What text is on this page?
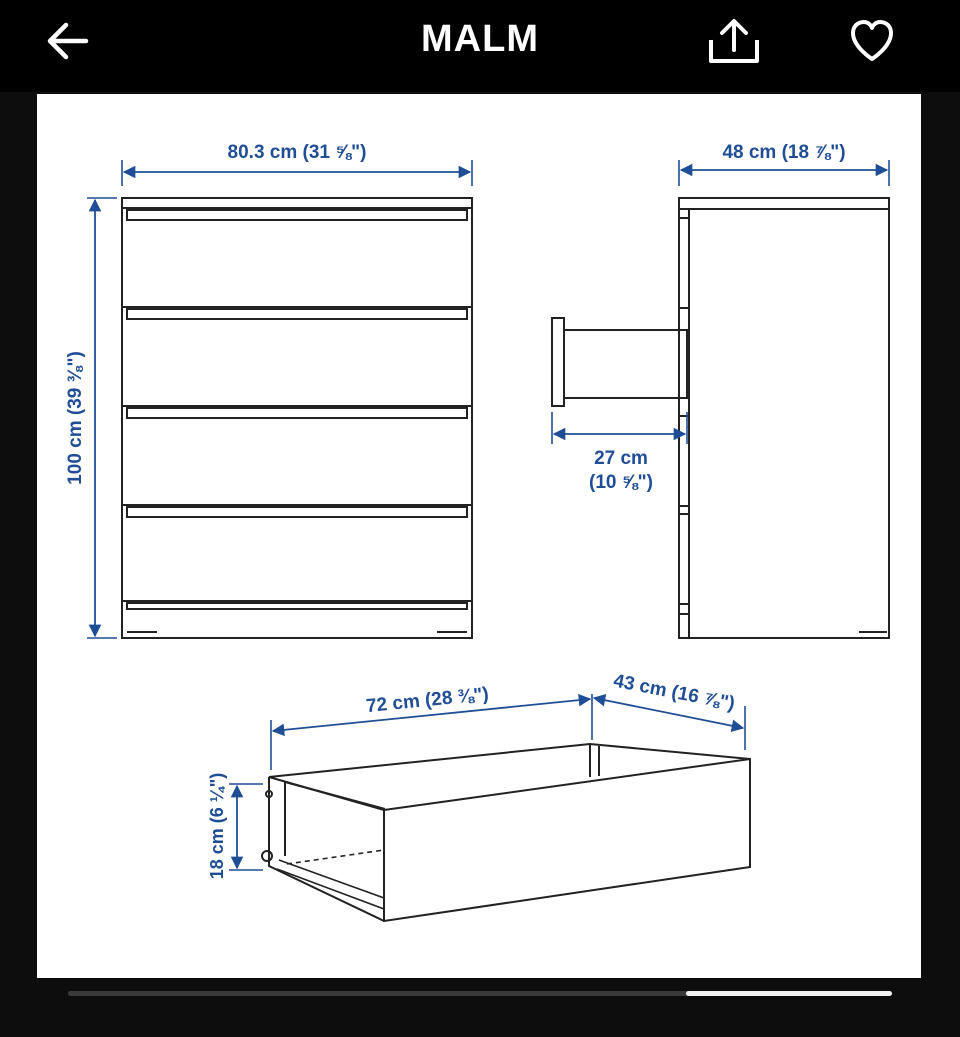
MALM
80.3 cm (31 ⅝")
100 cm (39 ⅜")
48 cm (18 ⅞")
27 cm
(10 ⅝")
72 cm (28 ⅜")	43 cm (16 ⅞")
18 cm (6 ¼")
